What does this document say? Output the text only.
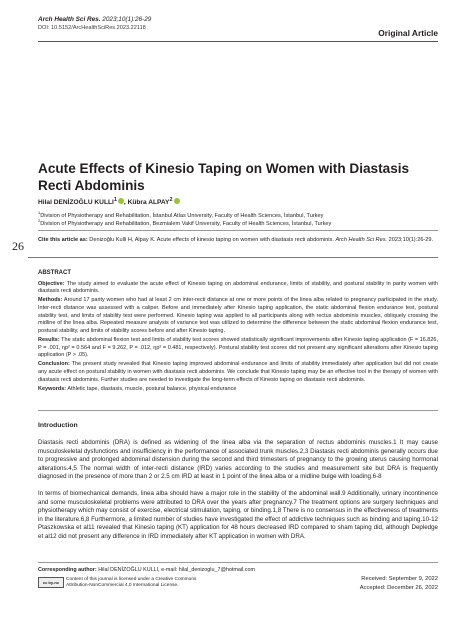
Arch Health Sci Res. 2023;10(1):26-29
DOI: 10.5152/ArcHealthSciRes.2023.22118	Original Article
Acute Effects of Kinesio Taping on Women with Diastasis Recti Abdominis
Hilal DENİZOĞLU KULLI$^1$ , Kübra ALPAY$^2$
$^1$Division of Physiotherapy and Rehabilitation, İstanbul Atlas University, Faculty of Health Sciences, İstanbul, Turkey
$^2$Division of Physiotherapy and Rehabilitation, Bezmialem Vakif University, Faculty of Health Sciences, İstanbul, Turkey
Cite this article as: Denizoğlu Kulli H, Alpay K. Acute effects of kinesio taping on women with diastasis recti abdominis. Arch Health Sci Res. 2023;10(1):26-29.
26
ABSTRACT

Objective: The study aimed to evaluate the acute effect of Kinesio taping on abdominal endurance, limits of stability, and postural stability in parity women with diastasis recti abdominis.

Methods: Around 17 parity women who had at least 2 cm inter-recti distance at one or more points of the linea alba related to pregnancy participated in the study. Inter-recti distance was assessed with a caliper. Before and immediately after Kinesio taping application, the static abdominal flexion endurance test, postural stability test, and limits of stability test were performed. Kinesio taping was applied to all participants along with rectus abdominis muscles, obliquely crossing the midline of the linea alba. Repeated measure analysis of variance test was utilized to determine the difference between the static abdominal flexion endurance test, postural stability, and limits of stability scores before and after Kinesio taping.

Results: The static abdominal flexion test and limits of stability test scores showed statistically significant improvements after Kinesio taping application (F = 16.826, P = .001, ηp² = 0.564 and F = 9.262, P = .012, ηp² = 0.481, respectively). Postural stability test scores did not present any significant alterations after Kinesio taping application (P > .05).

Conclusion: The present study revealed that Kinesio taping improved abdominal endurance and limits of stability immediately after application but did not create any acute effect on postural stability in women with diastasis recti abdominis. We conclude that Kinesio taping may be an effective tool in the therapy of women with diastasis recti abdominis. Further studies are needed to investigate the long-term effects of Kinesio taping on diastasis recti abdominis.

Keywords: Athletic tape, diastasis, muscle, postural balance, physical endurance

Introduction

Diastasis recti abdominis (DRA) is defined as widening of the linea alba via the separation of rectus abdominis muscles.1 It may cause musculoskeletal dysfunctions and insufficiency in the performance of associated trunk muscles.2,3 Diastasis recti abdominis generally occurs due to progressive and prolonged abdominal distension during the second and third trimesters of pregnancy to the growing uterus causing hormonal alterations.4,5 The normal width of inter-recti distance (IRD) varies according to the studies and measurement site but DRA is frequently diagnosed in the presence of more than 2 or 2.5 cm IRD at least in 1 point of the linea alba or a midline bulge with loading.6-8

In terms of biomechanical demands, linea alba should have a major role in the stability of the abdominal wall.9 Additionally, urinary incontinence and some musculoskeletal problems were attributed to DRA over the years after pregnancy.7 The treatment options are surgery techniques and physiotherapy which may consist of exercise, electrical stimulation, taping, or binding.1,8 There is no consensus in the effectiveness of treatments in the literature.6,8 Furthermore, a limited number of studies have investigated the effect of addictive techniques such as binding and taping.10-12 Ptaszkowska et al11 revealed that Kinesio taping (KT) application for 48 hours decreased IRD compared to sham taping did, although Depledge et al12 did not present any difference in IRD immediately after KT application in women with DRA.

Corresponding author: Hilal DENİZOĞLU KULLI, e-mail: hilal_denizoglu_7@hotmail.com
cc by-nc
Content of this journal is licensed under a Creative Commons
Attribution-NonCommercial 4.0 International License.
Received: September 9, 2022
Accepted: December 26, 2022
